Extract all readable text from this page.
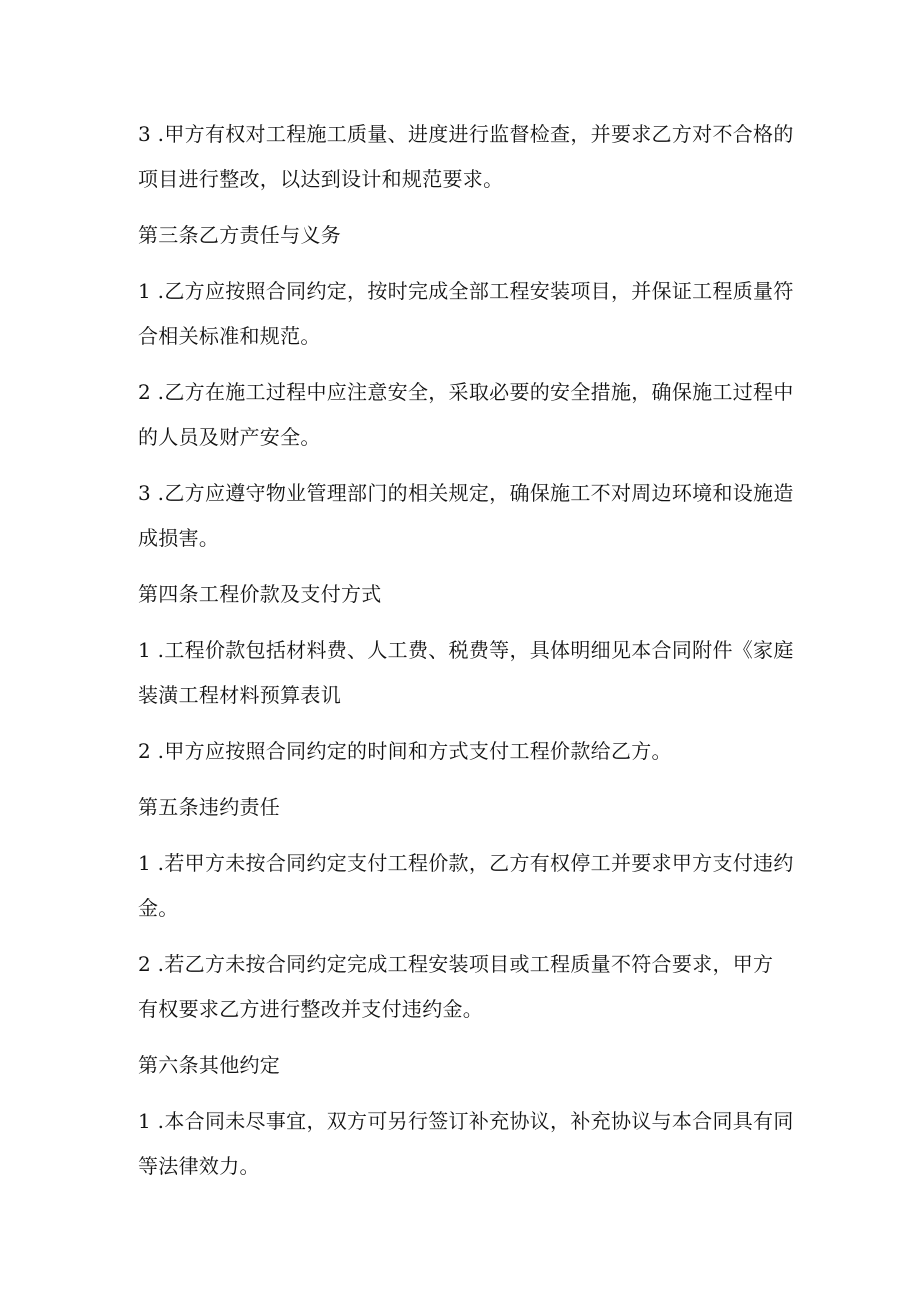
3 .甲方有权对工程施工质量、进度进行监督检查，并要求乙方对不合格的
项目进行整改，以达到设计和规范要求。

第三条乙方责任与义务

1 .乙方应按照合同约定，按时完成全部工程安装项目，并保证工程质量符
合相关标准和规范。

2 .乙方在施工过程中应注意安全，采取必要的安全措施，确保施工过程中
的人员及财产安全。

3 .乙方应遵守物业管理部门的相关规定，确保施工不对周边环境和设施造
成损害。

第四条工程价款及支付方式

1 .工程价款包括材料费、人工费、税费等，具体明细见本合同附件《家庭
装潢工程材料预算表讥

2 .甲方应按照合同约定的时间和方式支付工程价款给乙方。

第五条违约责任

1 .若甲方未按合同约定支付工程价款，乙方有权停工并要求甲方支付违约
金。

2 .若乙方未按合同约定完成工程安装项目或工程质量不符合要求，甲方
有权要求乙方进行整改并支付违约金。

第六条其他约定

1 .本合同未尽事宜，双方可另行签订补充协议，补充协议与本合同具有同
等法律效力。
